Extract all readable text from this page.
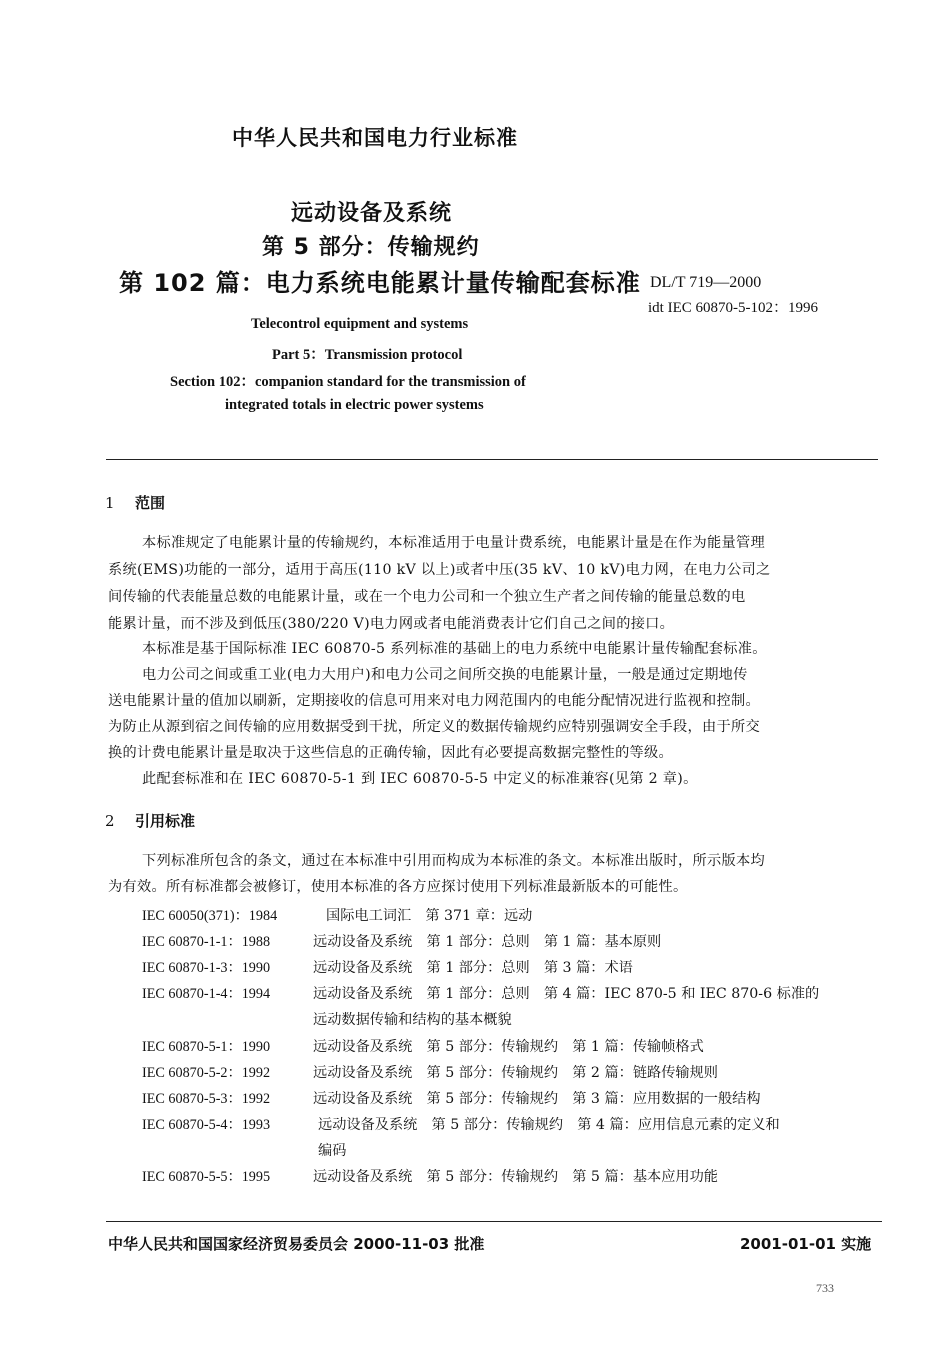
中华人民共和国电力行业标准
远动设备及系统
第 5 部分：传输规约
第 102 篇：电力系统电能累计量传输配套标准 DL/T 719—2000
idt IEC 60870-5-102：1996
Telecontrol equipment and systems
Part 5：Transmission protocol
Section 102：companion standard for the transmission of
integrated totals in electric power systems
1 范围
本标准规定了电能累计量的传输规约，本标准适用于电量计费系统，电能累计量是在作为能量管理
系统(EMS)功能的一部分，适用于高压(110 kV 以上)或者中压(35 kV、10 kV)电力网，在电力公司之
间传输的代表能量总数的电能累计量，或在一个电力公司和一个独立生产者之间传输的能量总数的电
能累计量，而不涉及到低压(380/220 V)电力网或者电能消费表计它们自己之间的接口。
本标准是基于国际标准 IEC 60870-5 系列标准的基础上的电力系统中电能累计量传输配套标准。
电力公司之间或重工业(电力大用户)和电力公司之间所交换的电能累计量，一般是通过定期地传
送电能累计量的值加以刷新，定期接收的信息可用来对电力网范围内的电能分配情况进行监视和控制。
为防止从源到宿之间传输的应用数据受到干扰，所定义的数据传输规约应特别强调安全手段，由于所交
换的计费电能累计量是取决于这些信息的正确传输，因此有必要提高数据完整性的等级。
此配套标准和在 IEC 60870-5-1 到 IEC 60870-5-5 中定义的标准兼容(见第 2 章)。
2 引用标准
下列标准所包含的条文，通过在本标准中引用而构成为本标准的条文。本标准出版时，所示版本均
为有效。所有标准都会被修订，使用本标准的各方应探讨使用下列标准最新版本的可能性。
IEC 60050(371)：1984	国际电工词汇　第 371 章：远动
IEC 60870-1-1：1988	远动设备及系统　第 1 部分：总则　第 1 篇：基本原则
IEC 60870-1-3：1990	远动设备及系统　第 1 部分：总则　第 3 篇：术语
IEC 60870-1-4：1994	远动设备及系统　第 1 部分：总则　第 4 篇：IEC 870-5 和 IEC 870-6 标准的
远动数据传输和结构的基本概貌
IEC 60870-5-1：1990	远动设备及系统　第 5 部分：传输规约　第 1 篇：传输帧格式
IEC 60870-5-2：1992	远动设备及系统　第 5 部分：传输规约　第 2 篇：链路传输规则
IEC 60870-5-3：1992	远动设备及系统　第 5 部分：传输规约　第 3 篇：应用数据的一般结构
IEC 60870-5-4：1993	远动设备及系统　第 5 部分：传输规约　第 4 篇：应用信息元素的定义和
编码
IEC 60870-5-5：1995	远动设备及系统　第 5 部分：传输规约　第 5 篇：基本应用功能
中华人民共和国国家经济贸易委员会 2000-11-03 批准	2001-01-01 实施
733
